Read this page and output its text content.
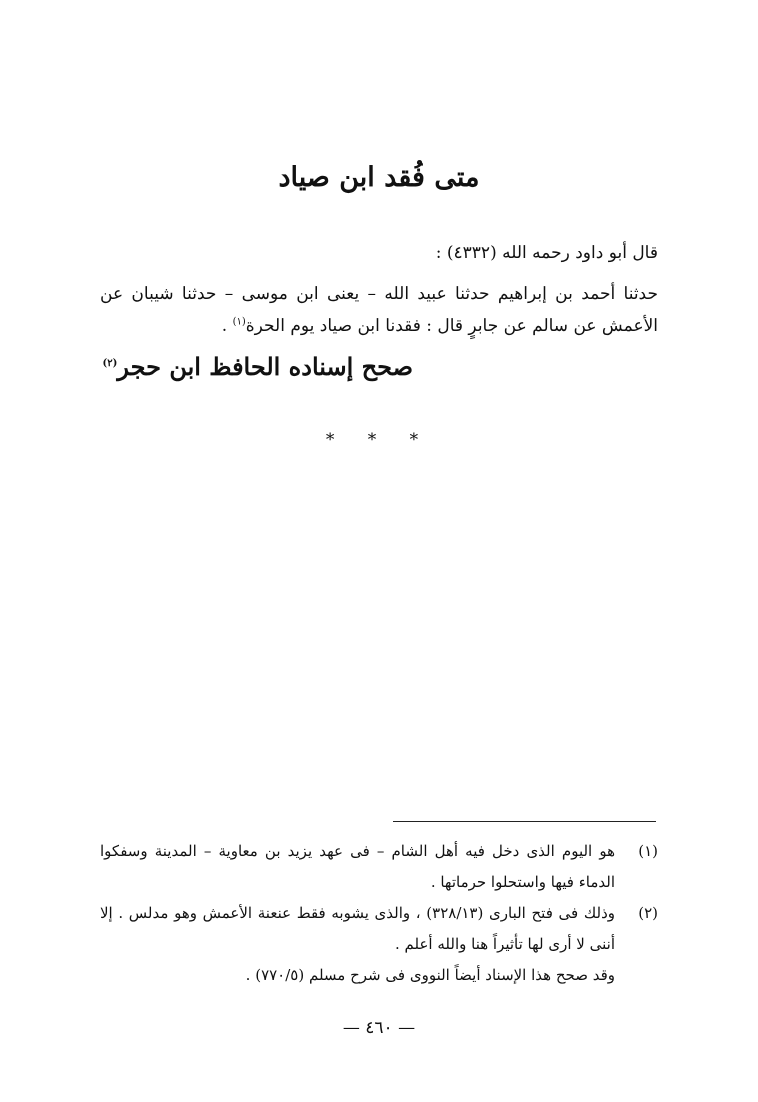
متى فُقد ابن صياد
قال أبو داود رحمه الله (٤٣٣٢) :
حدثنا أحمد بن إبراهيم حدثنا عبيد الله – يعنى ابن موسى – حدثنا شيبان عن الأعمش عن سالم عن جابرٍ قال : فقدنا ابن صياد يوم الحرة$^{(١)}$ .
صحح إسناده الحافظ ابن حجر$^{(٢)}$
* * *
(١)
هو اليوم الذى دخل فيه أهل الشام – فى عهد يزيد بن معاوية – المدينة وسفكوا الدماء فيها واستحلوا حرماتها .
(٢)
وذلك فى فتح البارى (٣٢٨/١٣) ، والذى يشوبه فقط عنعنة الأعمش وهو مدلس . إلا أننى لا أرى لها تأثيراً هنا والله أعلم .
وقد صحح هذا الإسناد أيضاً النووى فى شرح مسلم (٧٧٠/٥) .
— ٤٦٠ —
